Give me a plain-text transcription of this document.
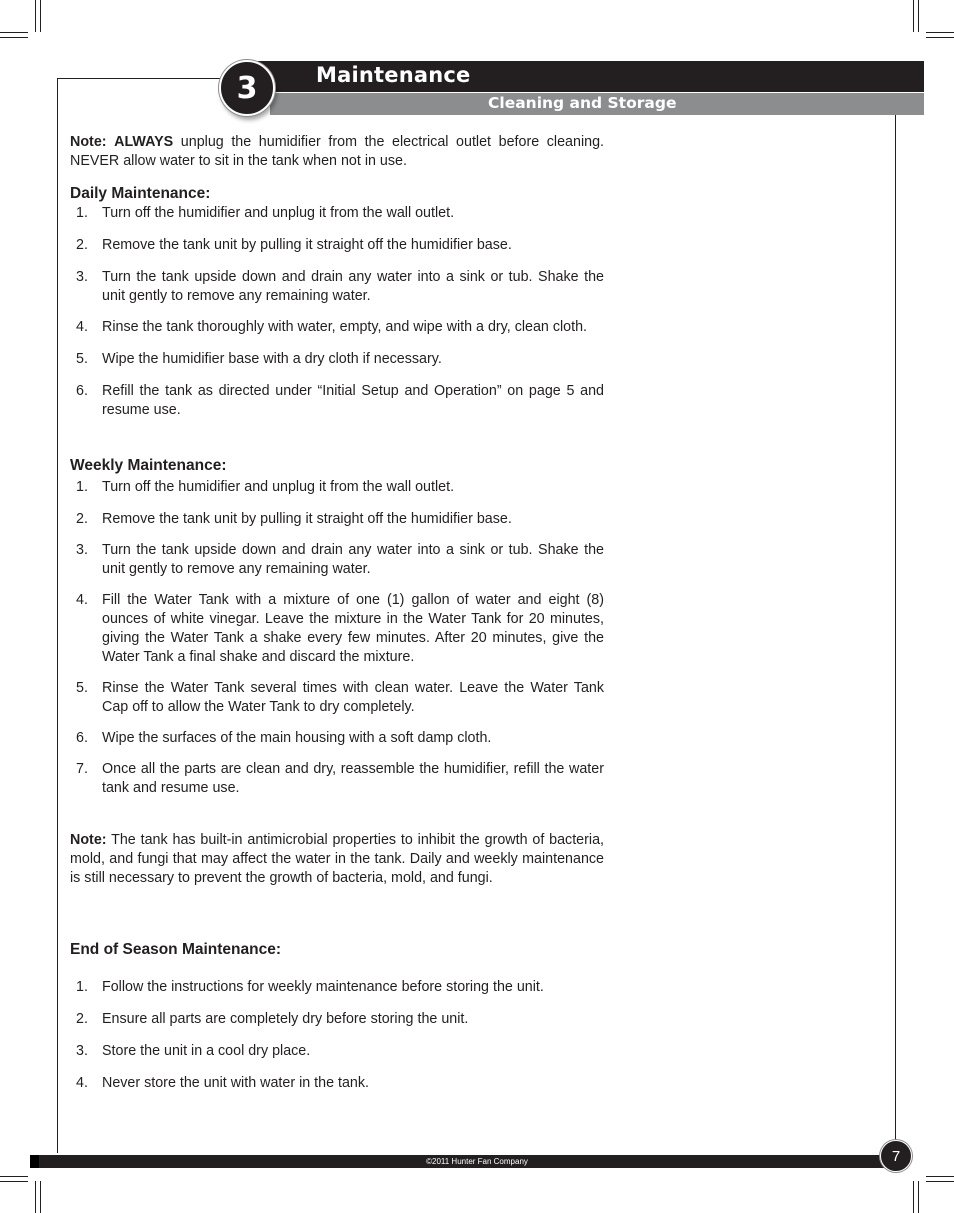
Maintenance
Cleaning and Storage
3

Note: ALWAYS unplug the humidifier from the electrical outlet before cleaning. NEVER allow water to sit in the tank when not in use.

Daily Maintenance:
1. Turn off the humidifier and unplug it from the wall outlet.
2. Remove the tank unit by pulling it straight off the humidifier base.
3. Turn the tank upside down and drain any water into a sink or tub. Shake the unit gently to remove any remaining water.
4. Rinse the tank thoroughly with water, empty, and wipe with a dry, clean cloth.
5. Wipe the humidifier base with a dry cloth if necessary.
6. Refill the tank as directed under “Initial Setup and Operation” on page 5 and resume use.
Weekly Maintenance:
1. Turn off the humidifier and unplug it from the wall outlet.
2. Remove the tank unit by pulling it straight off the humidifier base.
3. Turn the tank upside down and drain any water into a sink or tub. Shake the unit gently to remove any remaining water.
4. Fill the Water Tank with a mixture of one (1) gallon of water and eight (8) ounces of white vinegar. Leave the mixture in the Water Tank for 20 minutes, giving the Water Tank a shake every few minutes. After 20 minutes, give the Water Tank a final shake and discard the mixture.
5. Rinse the Water Tank several times with clean water. Leave the Water Tank Cap off to allow the Water Tank to dry completely.
6. Wipe the surfaces of the main housing with a soft damp cloth.
7. Once all the parts are clean and dry, reassemble the humidifier, refill the water tank and resume use.

Note: The tank has built-in antimicrobial properties to inhibit the growth of bacteria, mold, and fungi that may affect the water in the tank. Daily and weekly maintenance is still necessary to prevent the growth of bacteria, mold, and fungi.

End of Season Maintenance:
1. Follow the instructions for weekly maintenance before storing the unit.
2. Ensure all parts are completely dry before storing the unit.
3. Store the unit in a cool dry place.
4. Never store the unit with water in the tank.
©2011 Hunter Fan Company	7
